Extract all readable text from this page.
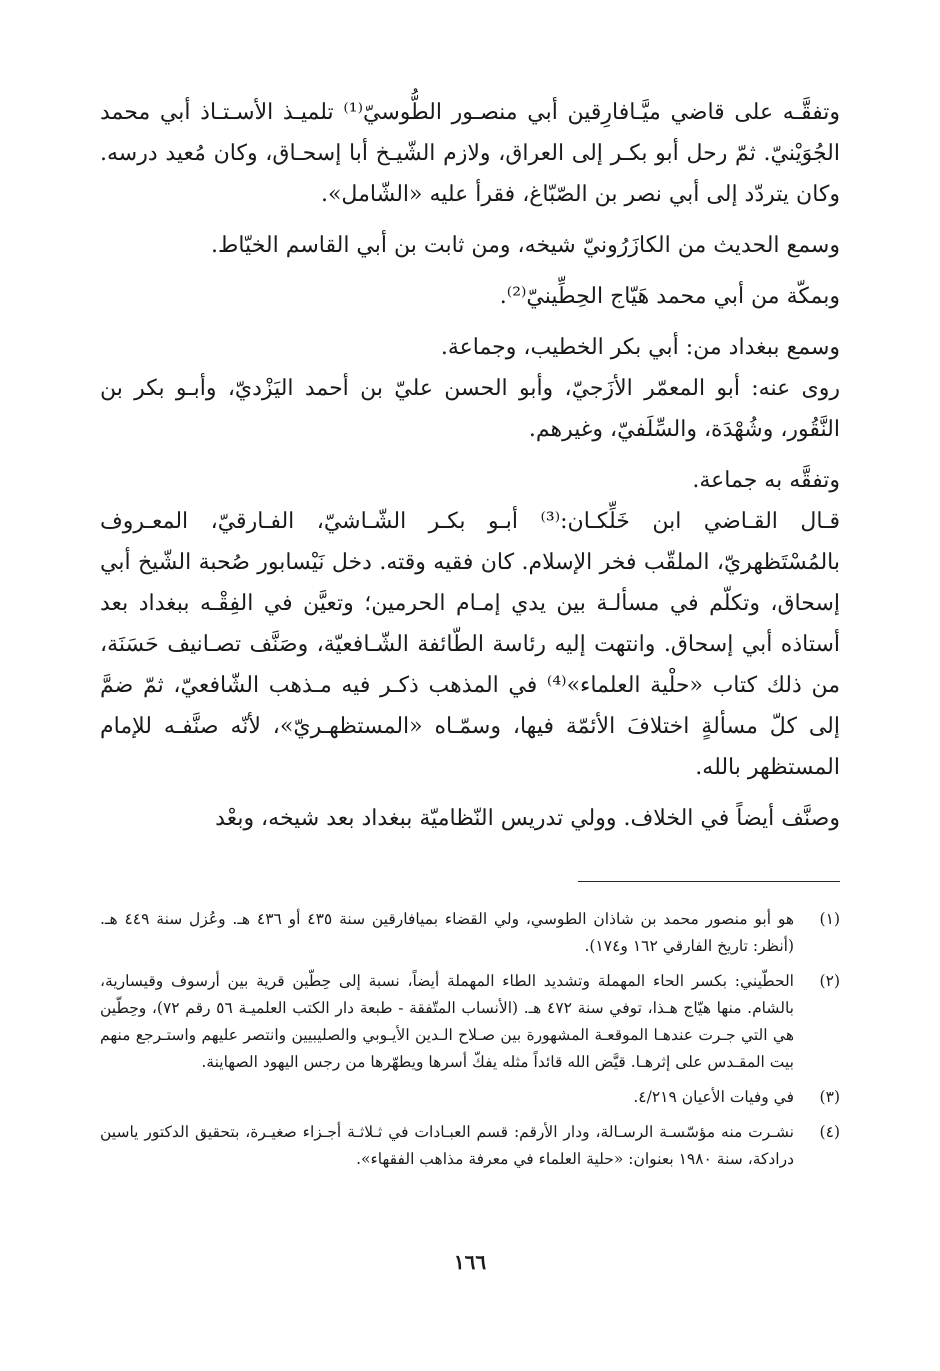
وتفقَّـه على قاضي ميَّـافارِقين أبي منصـور الطُّوسيّ⁽¹⁾ تلميـذ الأسـتـاذ أبي محمد الجُوَيْنيّ. ثمّ رحل أبو بكـر إلى العراق، ولازم الشّيـخ أبا إسحـاق، وكان مُعيد درسه. وكان يتردّد إلى أبي نصر بن الصّبّاغ، فقرأ عليه «الشّامل».

وسمع الحديث من الكازَرُونيّ شيخه، ومن ثابت بن أبي القاسم الخيّاط.

وبمكّة من أبي محمد هَيّاج الحِطِّينيّ⁽²⁾.

وسمع ببغداد من: أبي بكر الخطيب، وجماعة.

روى عنه: أبو المعمّر الأزَجيّ، وأبو الحسن عليّ بن أحمد اليَزْديّ، وأبـو بكر بن النَّقُور، وشُهْدَة، والسِّلَفيّ، وغيرهم.

وتفقَّه به جماعة.

قـال القـاضي ابن خَلِّكـان:⁽³⁾ أبـو بكـر الشّـاشيّ، الفـارقيّ، المعـروف بالمُسْتَظهريّ، الملقّب فخر الإسلام. كان فقيه وقته. دخل نَيْسابور صُحبة الشّيخ أبي إسحاق، وتكلّم في مسألـة بين يدي إمـام الحرمين؛ وتعيَّن في الفِقْـه ببغداد بعد أستاذه أبي إسحاق. وانتهت إليه رئاسة الطّائفة الشّـافعيّة، وصَنَّف تصـانيف حَسَنَة، من ذلك كتاب «حلْية العلماء»⁽⁴⁾ في المذهب ذكـر فيه مـذهب الشّافعيّ، ثمّ ضمَّ إلى كلّ مسألةٍ اختلافَ الأئمّة فيها، وسمّـاه «المستظهـريّ»، لأنّه صنَّفـه للإمام المستظهر بالله.

وصنَّف أيضاً في الخلاف. وولي تدريس النّظاميّة ببغداد بعد شيخه، وبعْد

(١)
هو أبو منصور محمد بن شاذان الطوسي، ولي القضاء بميافارقين سنة ٤٣٥ أو ٤٣٦ هـ. وعُزل سنة ٤٤٩ هـ. (أنظر: تاريخ الفارقي ١٦٢ و١٧٤).
(٢)
الحطّيني: بكسر الحاء المهملة وتشديد الطاء المهملة أيضاً، نسبة إلى حِطّين قرية بين أرسوف وقيسارية، بالشام. منها هيّاج هـذا، توفي سنة ٤٧٢ هـ. (الأنساب المتّفقة - طبعة دار الكتب العلميـة ٥٦ رقم ٧٢)، وحِطّين هي التي جـرت عندهـا الموقعـة المشهورة بين صـلاح الـدين الأيـوبي والصليبيين وانتصر عليهم واستـرجع منهم بيت المقـدس على إثرهـا. قيَّض الله قائداً مثله يفكّ أسرها ويطهّرها من رجس اليهود الصهاينة.
(٣)
في وفيات الأعيان ٤/٢١٩.
(٤)
نشـرت منه مؤسّسـة الرسـالة، ودار الأرقم: قسم العبـادات في ثـلاثـة أجـزاء صغيـرة، بتحقيق الدكتور ياسين درادكة، سنة ١٩٨٠ بعنوان: «حلية العلماء في معرفة مذاهب الفقهاء».
١٦٦
